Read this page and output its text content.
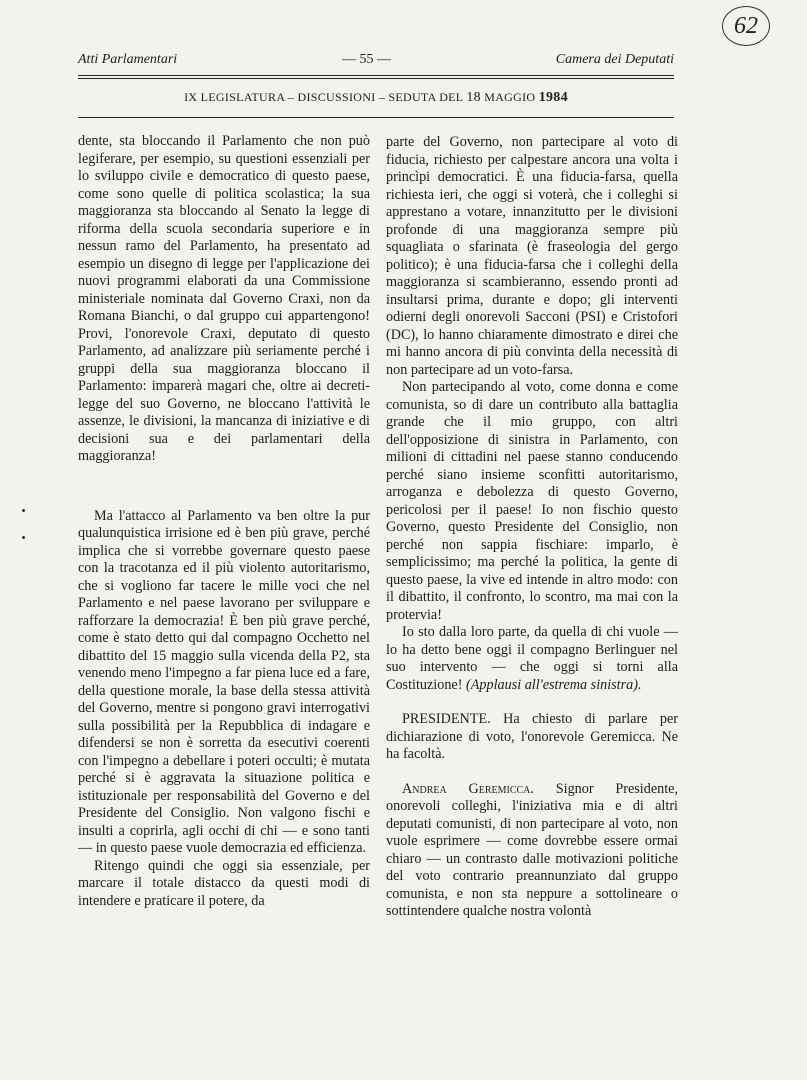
62
Atti Parlamentari	— 55 —	Camera dei Deputati
IX LEGISLATURA – DISCUSSIONI – SEDUTA DEL 18 MAGGIO 1984

dente, sta bloccando il Parlamento che non può legiferare, per esempio, su questioni essenziali per lo sviluppo civile e democratico di questo paese, come sono quelle di politica scolastica; la sua maggioranza sta bloccando al Senato la legge di riforma della scuola secondaria superiore e in nessun ramo del Parlamento, ha presentato ad esempio un disegno di legge per l'applicazione dei nuovi programmi elaborati da una Commissione ministeriale nominata dal Governo Craxi, non da Romana Bianchi, o dal gruppo cui appartengono! Provi, l'onorevole Craxi, deputato di questo Parlamento, ad analizzare più seriamente perché i gruppi della sua maggioranza bloccano il Parlamento: imparerà magari che, oltre ai decreti-legge del suo Governo, ne bloccano l'attività le assenze, le divisioni, la mancanza di iniziative e di decisioni sua e dei parlamentari della maggioranza!

Ma l'attacco al Parlamento va ben oltre la pur qualunquistica irrisione ed è ben più grave, perché implica che si vorrebbe governare questo paese con la tracotanza ed il più violento autoritarismo, che si vogliono far tacere le mille voci che nel Parlamento e nel paese lavorano per sviluppare e rafforzare la democrazia! È ben più grave perché, come è stato detto qui dal compagno Occhetto nel dibattito del 15 maggio sulla vicenda della P2, sta venendo meno l'impegno a far piena luce ed a fare, della questione morale, la base della stessa attività del Governo, mentre si pongono gravi interrogativi sulla possibilità per la Repubblica di indagare e difendersi se non è sorretta da esecutivi coerenti con l'impegno a debellare i poteri occulti; è mutata perché si è aggravata la situazione politica e istituzionale per responsabilità del Governo e del Presidente del Consiglio. Non valgono fischi e insulti a coprirla, agli occhi di chi — e sono tanti — in questo paese vuole democrazia ed efficienza.

Ritengo quindi che oggi sia essenziale, per marcare il totale distacco da questi modi di intendere e praticare il potere, da

parte del Governo, non partecipare al voto di fiducia, richiesto per calpestare ancora una volta i princìpi democratici. È una fiducia-farsa, quella richiesta ieri, che oggi si voterà, che i colleghi si apprestano a votare, innanzitutto per le divisioni profonde di una maggioranza sempre più squagliata o sfarinata (è fraseologia del gergo politico); è una fiducia-farsa che i colleghi della maggioranza si scambieranno, essendo pronti ad insultarsi prima, durante e dopo; gli interventi odierni degli onorevoli Sacconi (PSI) e Cristofori (DC), lo hanno chiaramente dimostrato e direi che mi hanno ancora di più convinta della necessità di non partecipare ad un voto-farsa.

Non partecipando al voto, come donna e come comunista, so di dare un contributo alla battaglia grande che il mio gruppo, con altri dell'opposizione di sinistra in Parlamento, con milioni di cittadini nel paese stanno conducendo perché siano insieme sconfitti autoritarismo, arroganza e debolezza di questo Governo, pericolosi per il paese! Io non fischio questo Governo, questo Presidente del Consiglio, non perché non sappia fischiare: imparlo, è semplicissimo; ma perché la politica, la gente di questo paese, la vive ed intende in altro modo: con il dibattito, il confronto, lo scontro, ma mai con la protervia!

Io sto dalla loro parte, da quella di chi vuole — lo ha detto bene oggi il compagno Berlinguer nel suo intervento — che oggi si torni alla Costituzione! (Applausi all'estrema sinistra).

PRESIDENTE. Ha chiesto di parlare per dichiarazione di voto, l'onorevole Geremicca. Ne ha facoltà.

Andrea Geremicca. Signor Presidente, onorevoli colleghi, l'iniziativa mia e di altri deputati comunisti, di non partecipare al voto, non vuole esprimere — come dovrebbe essere ormai chiaro — un contrasto dalle motivazioni politiche del voto contrario preannunziato dal gruppo comunista, e non sta neppure a sottolineare o sottintendere qualche nostra volontà
